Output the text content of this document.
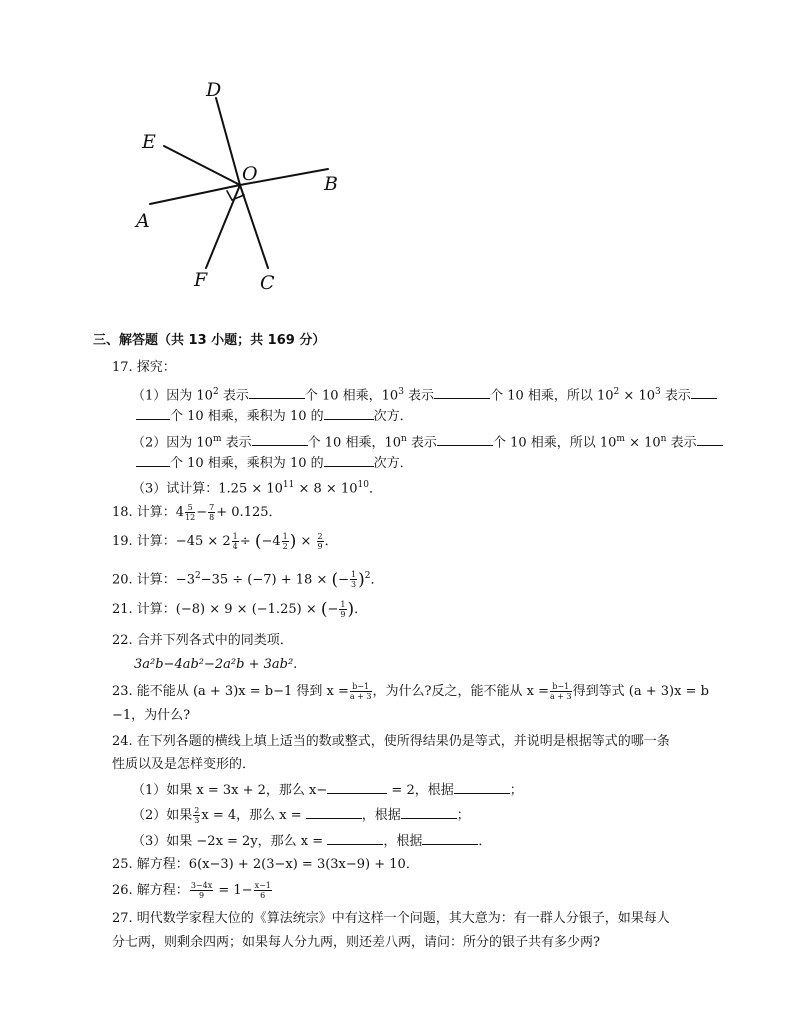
D
E
O	B
A
F	C
三、解答题（共 13 小题；共 169 分）
17. 探究：
（1）因为 $10^2$ 表示	个 10 相乘，$10^3$ 表示	个 10 相乘，所以 $10^2 \times 10^3$ 表示
个 10 相乘，乘积为 10 的	次方．
（2）因为 10$^m$ 表示	个 10 相乘，10$^n$ 表示	个 10 相乘，所以 $10^m \times 10^n$ 表示
个 10 相乘，乘积为 10 的	次方．
（3）试计算：$1.25 \times 10^{11} \times 8 \times 10^{10}$．
18. 计算：$4 \frac{5}{12} - \frac{7}{8} + 0.125$．
19. 计算：$-45 \times 2 \frac{1}{4} \div (-4 \frac{1}{2}$ ) × $\frac{2}{9}$ ．
20. 计算：$-3^2-35 \div (-7) + 18$ × (− $\frac{1}{3} )^2$．
21. 计算：(−8) × 9 × (−1.25) × (− $\frac{1}{9}$ )．
22. 合并下列各式中的同类项．
3a²b−4ab²−2a²b + 3ab².
23. 能不能从 (a + 3)x = b−1 得到 $x = \frac{b-1}{a + 3}$ ，为什么?反之，能不能从 $x = \frac{b-1}{a + 3}$ 得到等式 (a + 3)x = b
−1，为什么?
24. 在下列各题的横线上填上适当的数或整式，使所得结果仍是等式，并说明是根据等式的哪一条
性质以及是怎样变形的．
（1）如果 x = 3x + 2，那么 x−	= 2，根据	；
（2）如果 $\frac{2}{3}$ x = 4，那么 x =	，根据	；
（3）如果 −2x = 2y，那么 x =	，根据	．
25. 解方程：6(x−3) + 2(3−x) = 3(3x−9) + 10．
26. 解方程： $\frac{3-4x}{9} = 1- \frac{x-1}{6}$
27. 明代数学家程大位的《算法统宗》中有这样一个问题，其大意为：有一群人分银子，如果每人
分七两，则剩余四两；如果每人分九两，则还差八两，请问：所分的银子共有多少两?
